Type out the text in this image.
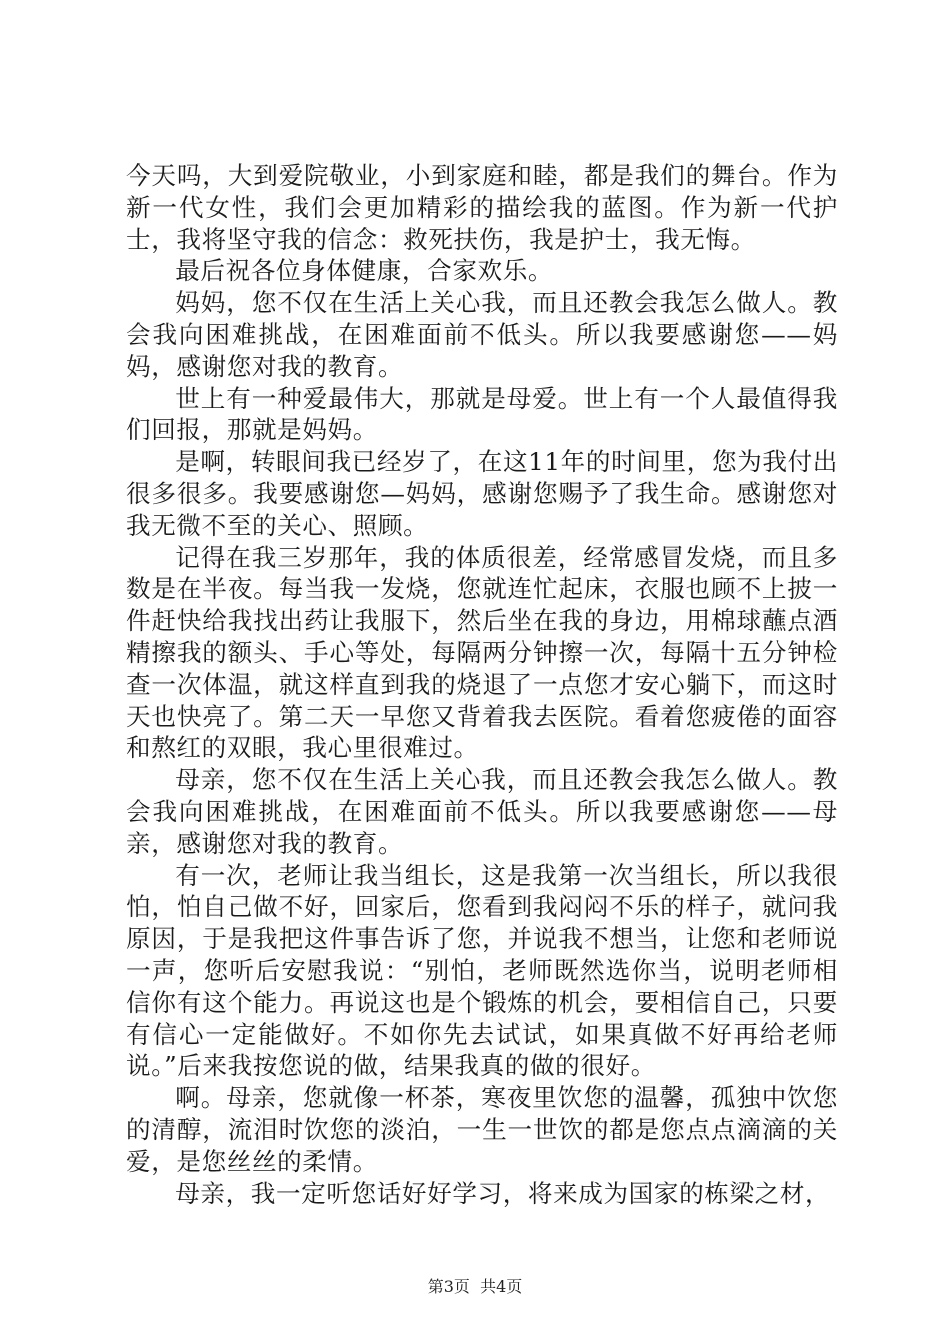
今天吗，大到爱院敬业，小到家庭和睦，都是我们的舞台。作为新一代女性，我们会更加精彩的描绘我的蓝图。作为新一代护士，我将坚守我的信念：救死扶伤，我是护士，我无悔。

最后祝各位身体健康，合家欢乐。

妈妈，您不仅在生活上关心我，而且还教会我怎么做人。教会我向困难挑战，在困难面前不低头。所以我要感谢您——妈妈，感谢您对我的教育。

世上有一种爱最伟大，那就是母爱。世上有一个人最值得我们回报，那就是妈妈。

是啊，转眼间我已经岁了，在这11年的时间里，您为我付出很多很多。我要感谢您—妈妈，感谢您赐予了我生命。感谢您对我无微不至的关心、照顾。

记得在我三岁那年，我的体质很差，经常感冒发烧，而且多数是在半夜。每当我一发烧，您就连忙起床，衣服也顾不上披一件赶快给我找出药让我服下，然后坐在我的身边，用棉球蘸点酒精擦我的额头、手心等处，每隔两分钟擦一次，每隔十五分钟检查一次体温，就这样直到我的烧退了一点您才安心躺下，而这时天也快亮了。第二天一早您又背着我去医院。看着您疲倦的面容和熬红的双眼，我心里很难过。

母亲，您不仅在生活上关心我，而且还教会我怎么做人。教会我向困难挑战，在困难面前不低头。所以我要感谢您——母亲，感谢您对我的教育。

有一次，老师让我当组长，这是我第一次当组长，所以我很怕，怕自己做不好，回家后，您看到我闷闷不乐的样子，就问我原因，于是我把这件事告诉了您，并说我不想当，让您和老师说一声，您听后安慰我说：“别怕，老师既然选你当，说明老师相信你有这个能力。再说这也是个锻炼的机会，要相信自己，只要有信心一定能做好。不如你先去试试，如果真做不好再给老师说。”后来我按您说的做，结果我真的做的很好。

啊。母亲，您就像一杯茶，寒夜里饮您的温馨，孤独中饮您的清醇，流泪时饮您的淡泊，一生一世饮的都是您点点滴滴的关爱，是您丝丝的柔情。

母亲，我一定听您话好好学习，将来成为国家的栋梁之材，

第3页 共4页
